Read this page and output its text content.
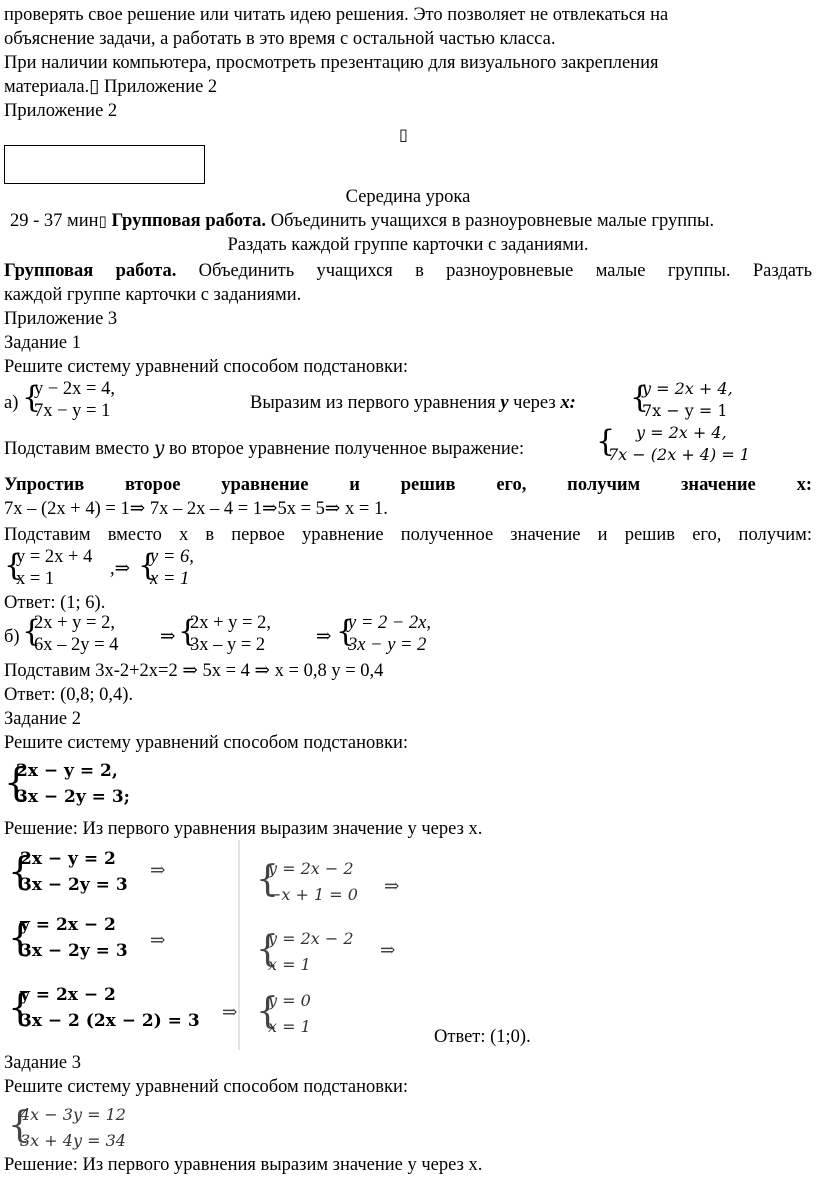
проверять свое решение или читать идею решения. Это позволяет не отвлекаться на
объяснение задачи, а работать в это время с остальной частью класса.
При наличии компьютера, просмотреть презентацию для визуального закрепления
материала.▯ Приложение 2
Приложение 2
▯
Середина урока
29 - 37 мин▯ Групповая работа. Объединить учащихся в разноуровневые малые группы.
Раздать каждой группе карточки с заданиями.
Групповая работа. Объединить учащихся в разноуровневые малые группы. Раздать
каждой группе карточки с заданиями.
Приложение 3
Задание 1
Решите систему уравнений способом подстановки:
а) {
y − 2x = 4,
7x − y = 1	Выразим из первого уравнения y через x: {
y = 2x + 4,
7x − y = 1
Подставим вместо 𝑦 во второе уравнение полученное выражение: {	y = 2x + 4,
7x − (2x + 4) = 1
Упростив второе уравнение и решив его, получим значение x:
7x – (2x + 4) = 1⇒ 7x – 2x – 4 = 1⇒5x = 5⇒ x = 1.
Подставим вместо x в первое уравнение полученное значение и решив его, получим:
{
y = 2x + 4
x = 1	,⇒ {
y = 6,
x = 1
Ответ: (1; 6).
б) {
2x + y = 2,
6x – 2y = 4 ⇒ {
2x + y = 2,
3x – y = 2	⇒ {
y = 2 − 2x,
3x − y = 2
Подставим 3x-2+2x=2 ⇒ 5x = 4 ⇒ x = 0,8 y = 0,4
Ответ: (0,8; 0,4).
Задание 2
Решите систему уравнений способом подстановки:
{
2x − y = 2,
3x − 2y = 3;
Решение: Из первого уравнения выразим значение y через x.
{
2x − y = 2
3x − 2y = 3
⇒	{
y = 2x − 2
−x + 1 = 0 ⇒
{
y = 2x − 2
3x − 2y = 3 ⇒	{
y = 2x − 2
x = 1
⇒
{
y = 2x − 2
3x − 2 (2x − 2) = 3 ⇒ {
y = 0
x = 1
Ответ: (1;0).
Задание 3
Решите систему уравнений способом подстановки:
{
4x − 3y = 12
3x + 4y = 34
Решение: Из первого уравнения выразим значение y через x.
